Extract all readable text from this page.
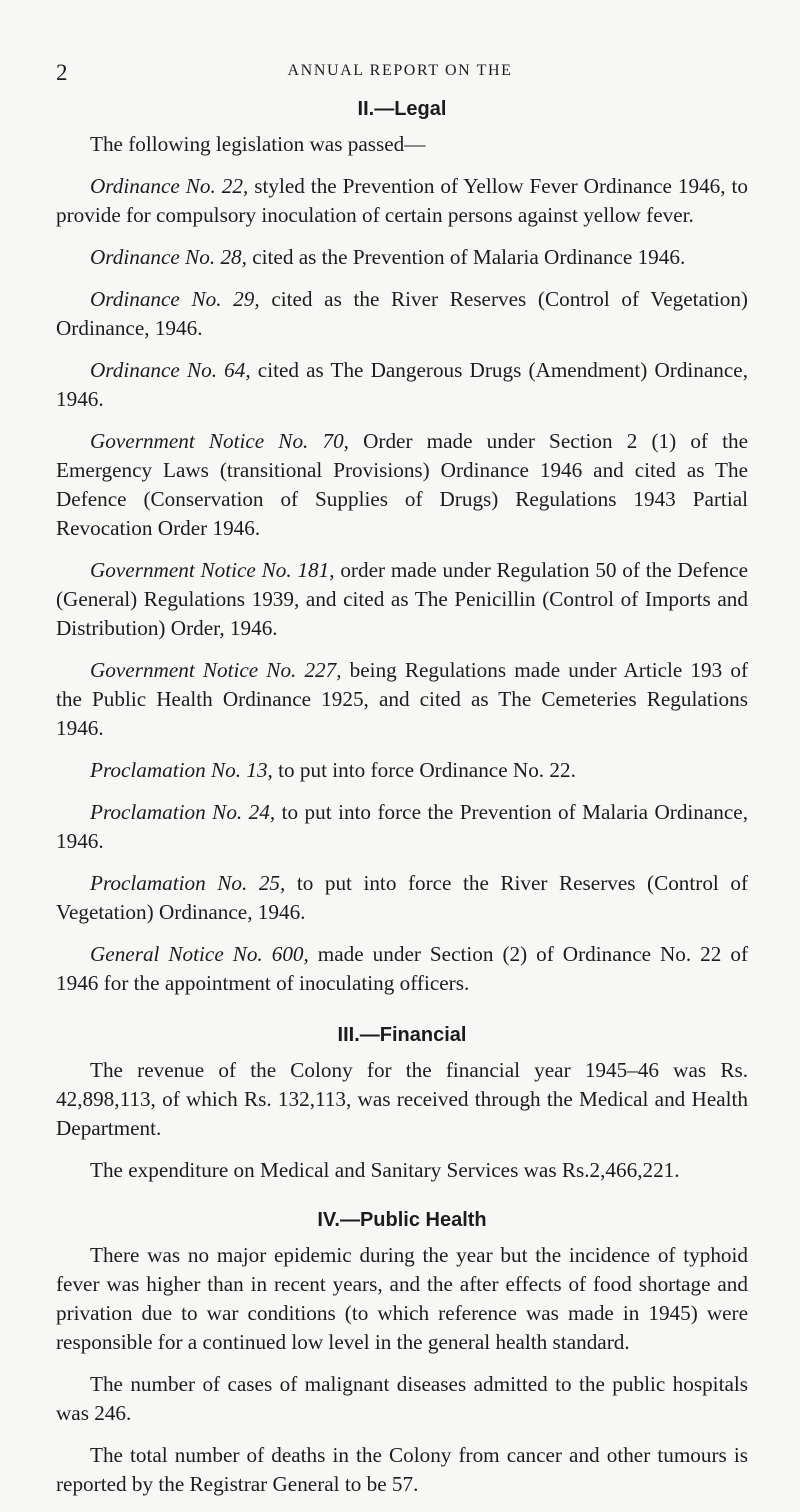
2	ANNUAL REPORT ON THE
II.—Legal

The following legislation was passed—

Ordinance No. 22, styled the Prevention of Yellow Fever Ordinance 1946, to provide for compulsory inoculation of certain persons against yellow fever.

Ordinance No. 28, cited as the Prevention of Malaria Ordinance 1946.

Ordinance No. 29, cited as the River Reserves (Control of Vegetation) Ordinance, 1946.

Ordinance No. 64, cited as The Dangerous Drugs (Amendment) Ordinance, 1946.

Government Notice No. 70, Order made under Section 2 (1) of the Emergency Laws (transitional Provisions) Ordinance 1946 and cited as The Defence (Conservation of Supplies of Drugs) Regulations 1943 Partial Revocation Order 1946.

Government Notice No. 181, order made under Regulation 50 of the Defence (General) Regulations 1939, and cited as The Penicillin (Control of Imports and Distribution) Order, 1946.

Government Notice No. 227, being Regulations made under Article 193 of the Public Health Ordinance 1925, and cited as The Cemeteries Regulations 1946.

Proclamation No. 13, to put into force Ordinance No. 22.

Proclamation No. 24, to put into force the Prevention of Malaria Ordinance, 1946.

Proclamation No. 25, to put into force the River Reserves (Control of Vegetation) Ordinance, 1946.

General Notice No. 600, made under Section (2) of Ordinance No. 22 of 1946 for the appointment of inoculating officers.

III.—Financial

The revenue of the Colony for the financial year 1945–46 was Rs. 42,898,113, of which Rs. 132,113, was received through the Medical and Health Department.

The expenditure on Medical and Sanitary Services was Rs.2,466,221.

IV.—Public Health

There was no major epidemic during the year but the incidence of typhoid fever was higher than in recent years, and the after effects of food shortage and privation due to war conditions (to which reference was made in 1945) were responsible for a continued low level in the general health standard.

The number of cases of malignant diseases admitted to the public hospitals was 246.

The total number of deaths in the Colony from cancer and other tumours is reported by the Registrar General to be 57.
